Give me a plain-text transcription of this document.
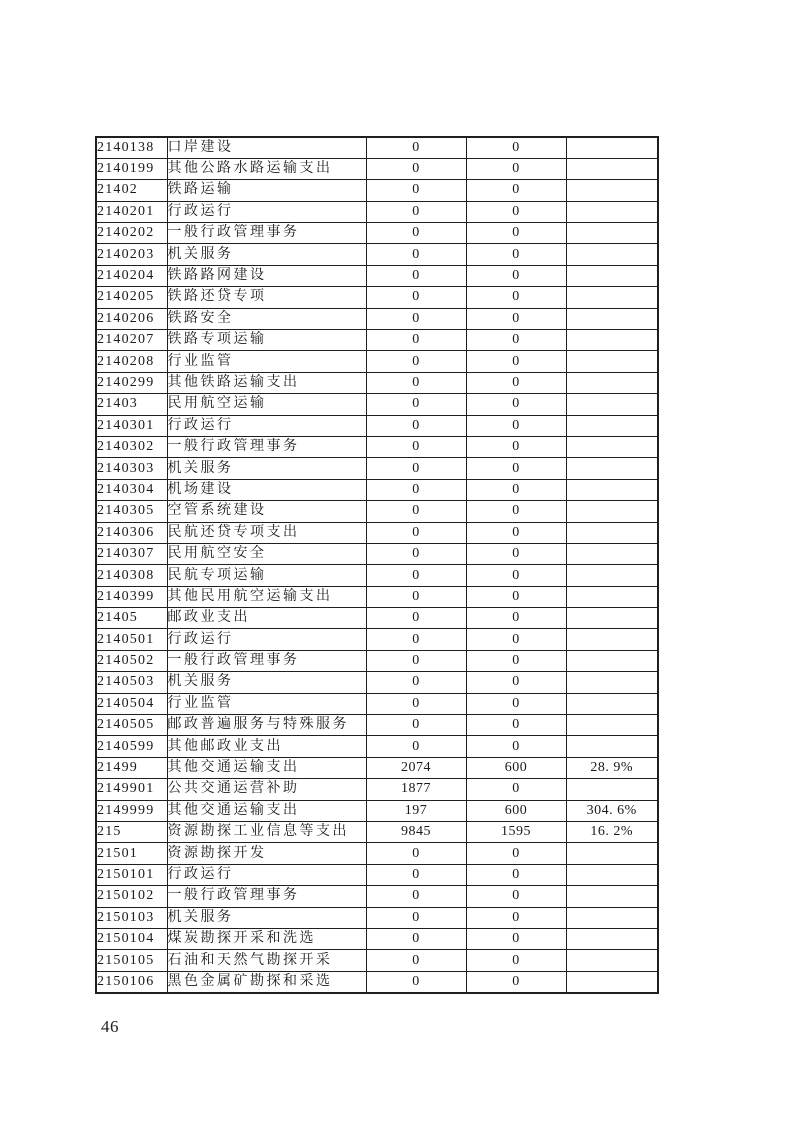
2140138	口岸建设	0	0	
2140199	其他公路水路运输支出	0	0	
21402	铁路运输	0	0	
2140201	行政运行	0	0	
2140202	一般行政管理事务	0	0	
2140203	机关服务	0	0	
2140204	铁路路网建设	0	0	
2140205	铁路还贷专项	0	0	
2140206	铁路安全	0	0	
2140207	铁路专项运输	0	0	
2140208	行业监管	0	0	
2140299	其他铁路运输支出	0	0	
21403	民用航空运输	0	0	
2140301	行政运行	0	0	
2140302	一般行政管理事务	0	0	
2140303	机关服务	0	0	
2140304	机场建设	0	0	
2140305	空管系统建设	0	0	
2140306	民航还贷专项支出	0	0	
2140307	民用航空安全	0	0	
2140308	民航专项运输	0	0	
2140399	其他民用航空运输支出	0	0	
21405	邮政业支出	0	0	
2140501	行政运行	0	0	
2140502	一般行政管理事务	0	0	
2140503	机关服务	0	0	
2140504	行业监管	0	0	
2140505	邮政普遍服务与特殊服务	0	0	
2140599	其他邮政业支出	0	0	
21499	其他交通运输支出	2074	600	28. 9%
2149901	公共交通运营补助	1877	0	
2149999	其他交通运输支出	197	600	304. 6%
215	资源勘探工业信息等支出	9845	1595	16. 2%
21501	资源勘探开发	0	0	
2150101	行政运行	0	0	
2150102	一般行政管理事务	0	0	
2150103	机关服务	0	0	
2150104	煤炭勘探开采和洗选	0	0	
2150105	石油和天然气勘探开采	0	0	
2150106	黑色金属矿勘探和采选	0	0	
46
